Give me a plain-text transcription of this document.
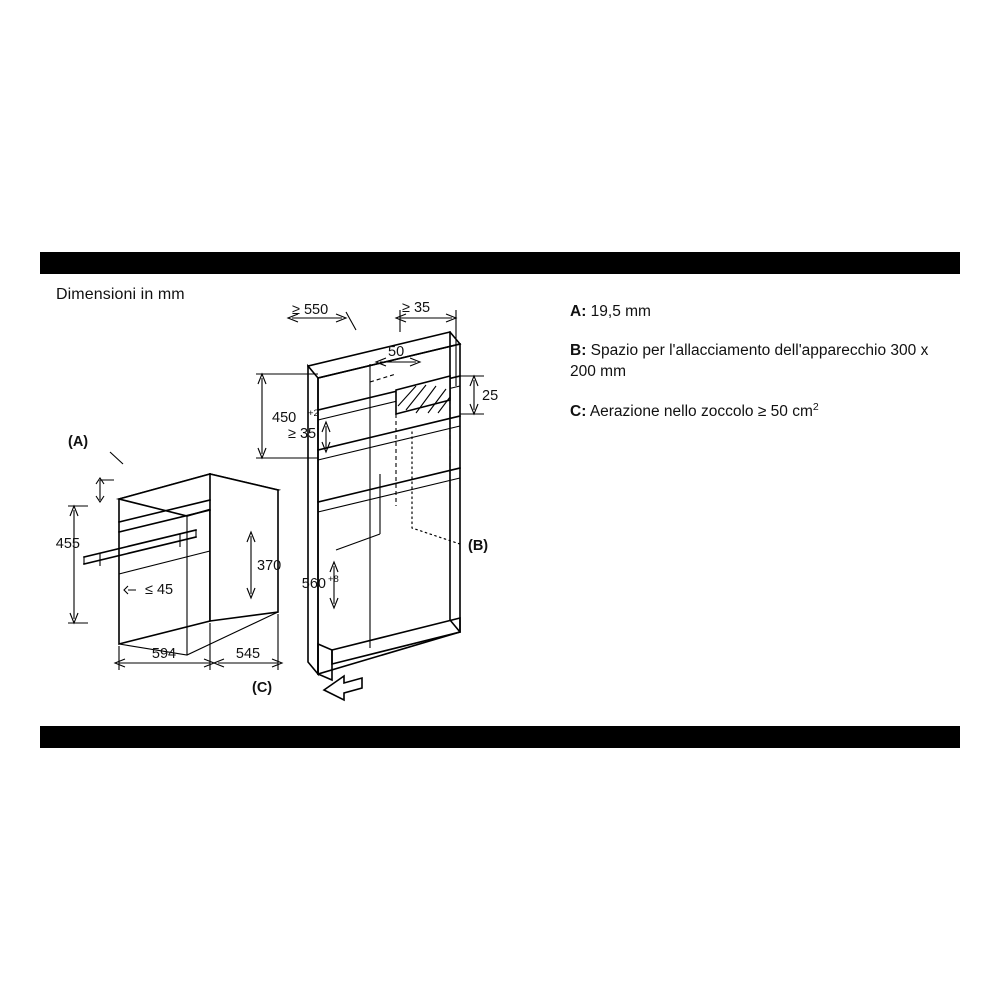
Dimensioni in mm
A: 19,5 mm
B: Spazio per l'allacciamento dell'apparecchio 300 x 200 mm
C: Aerazione nello zoccolo ≥ 50 $cm^2$
(A)
455
594	545
≤ 45
370
(B)
≥ 550	≥ 35
50
25
450 +2
≥ 35
560 +8
(C)
